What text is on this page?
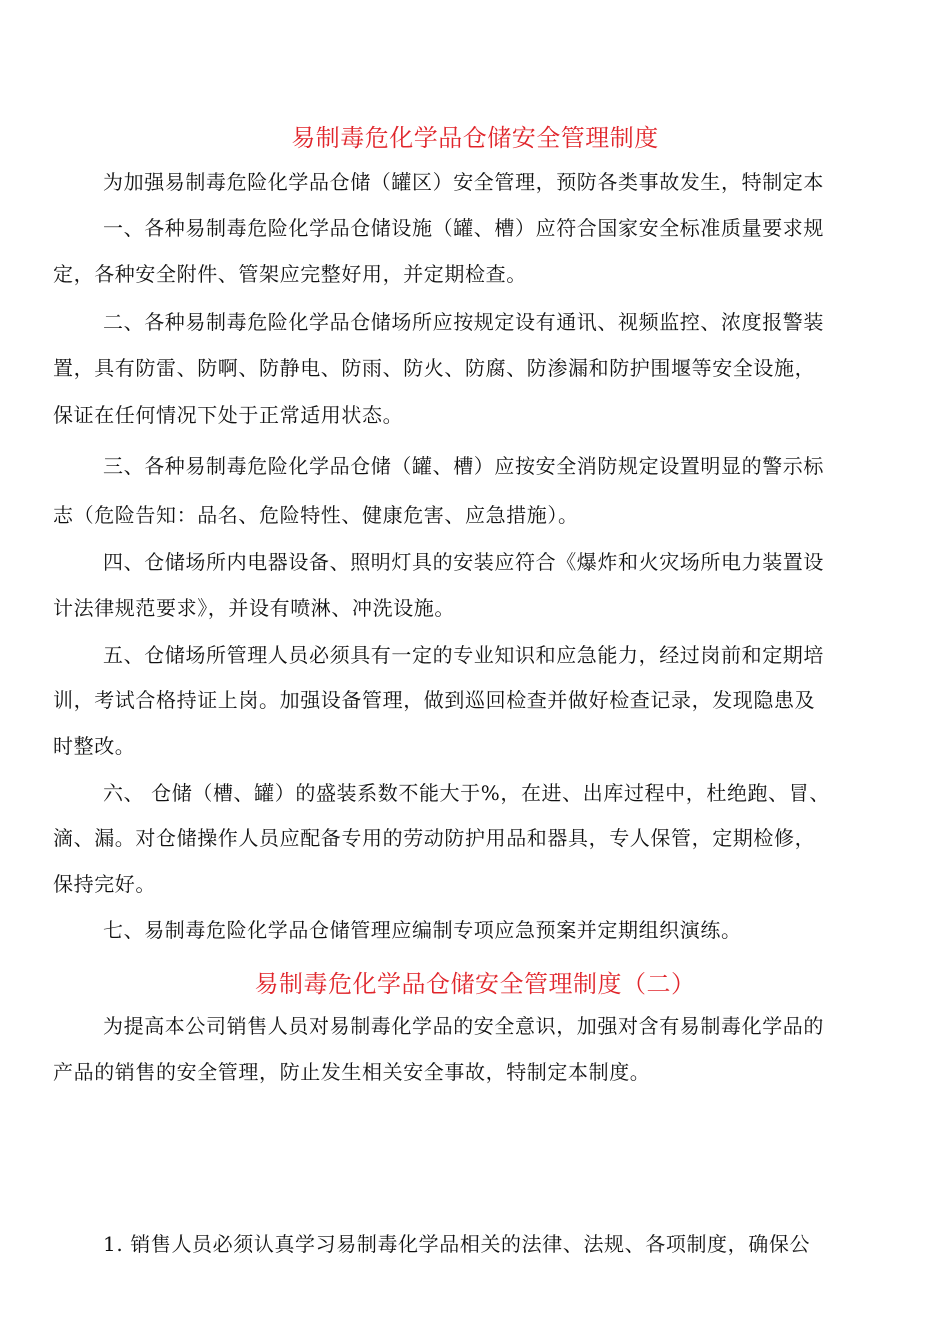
易制毒危化学品仓储安全管理制度
为加强易制毒危险化学品仓储（罐区）安全管理，预防各类事故发生，特制定本
一、各种易制毒危险化学品仓储设施（罐、槽）应符合国家安全标准质量要求规
定，各种安全附件、管架应完整好用，并定期检查。
二、各种易制毒危险化学品仓储场所应按规定设有通讯、视频监控、浓度报警装
置，具有防雷、防啊、防静电、防雨、防火、防腐、防渗漏和防护围堰等安全设施，
保证在任何情况下处于正常适用状态。
三、各种易制毒危险化学品仓储（罐、槽）应按安全消防规定设置明显的警示标
志（危险告知：品名、危险特性、健康危害、应急措施）。
四、仓储场所内电器设备、照明灯具的安装应符合《爆炸和火灾场所电力装置设
计法律规范要求》，并设有喷淋、冲洗设施。
五、仓储场所管理人员必须具有一定的专业知识和应急能力，经过岗前和定期培
训，考试合格持证上岗。加强设备管理，做到巡回检查并做好检查记录，发现隐患及
时整改。
六、 仓储（槽、罐）的盛装系数不能大于%，在进、出库过程中，杜绝跑、冒、
滴、漏。对仓储操作人员应配备专用的劳动防护用品和器具，专人保管，定期检修，
保持完好。
七、易制毒危险化学品仓储管理应编制专项应急预案并定期组织演练。
易制毒危化学品仓储安全管理制度（二）
为提高本公司销售人员对易制毒化学品的安全意识，加强对含有易制毒化学品的
产品的销售的安全管理，防止发生相关安全事故，特制定本制度。
1. 销售人员必须认真学习易制毒化学品相关的法律、法规、各项制度，确保公
